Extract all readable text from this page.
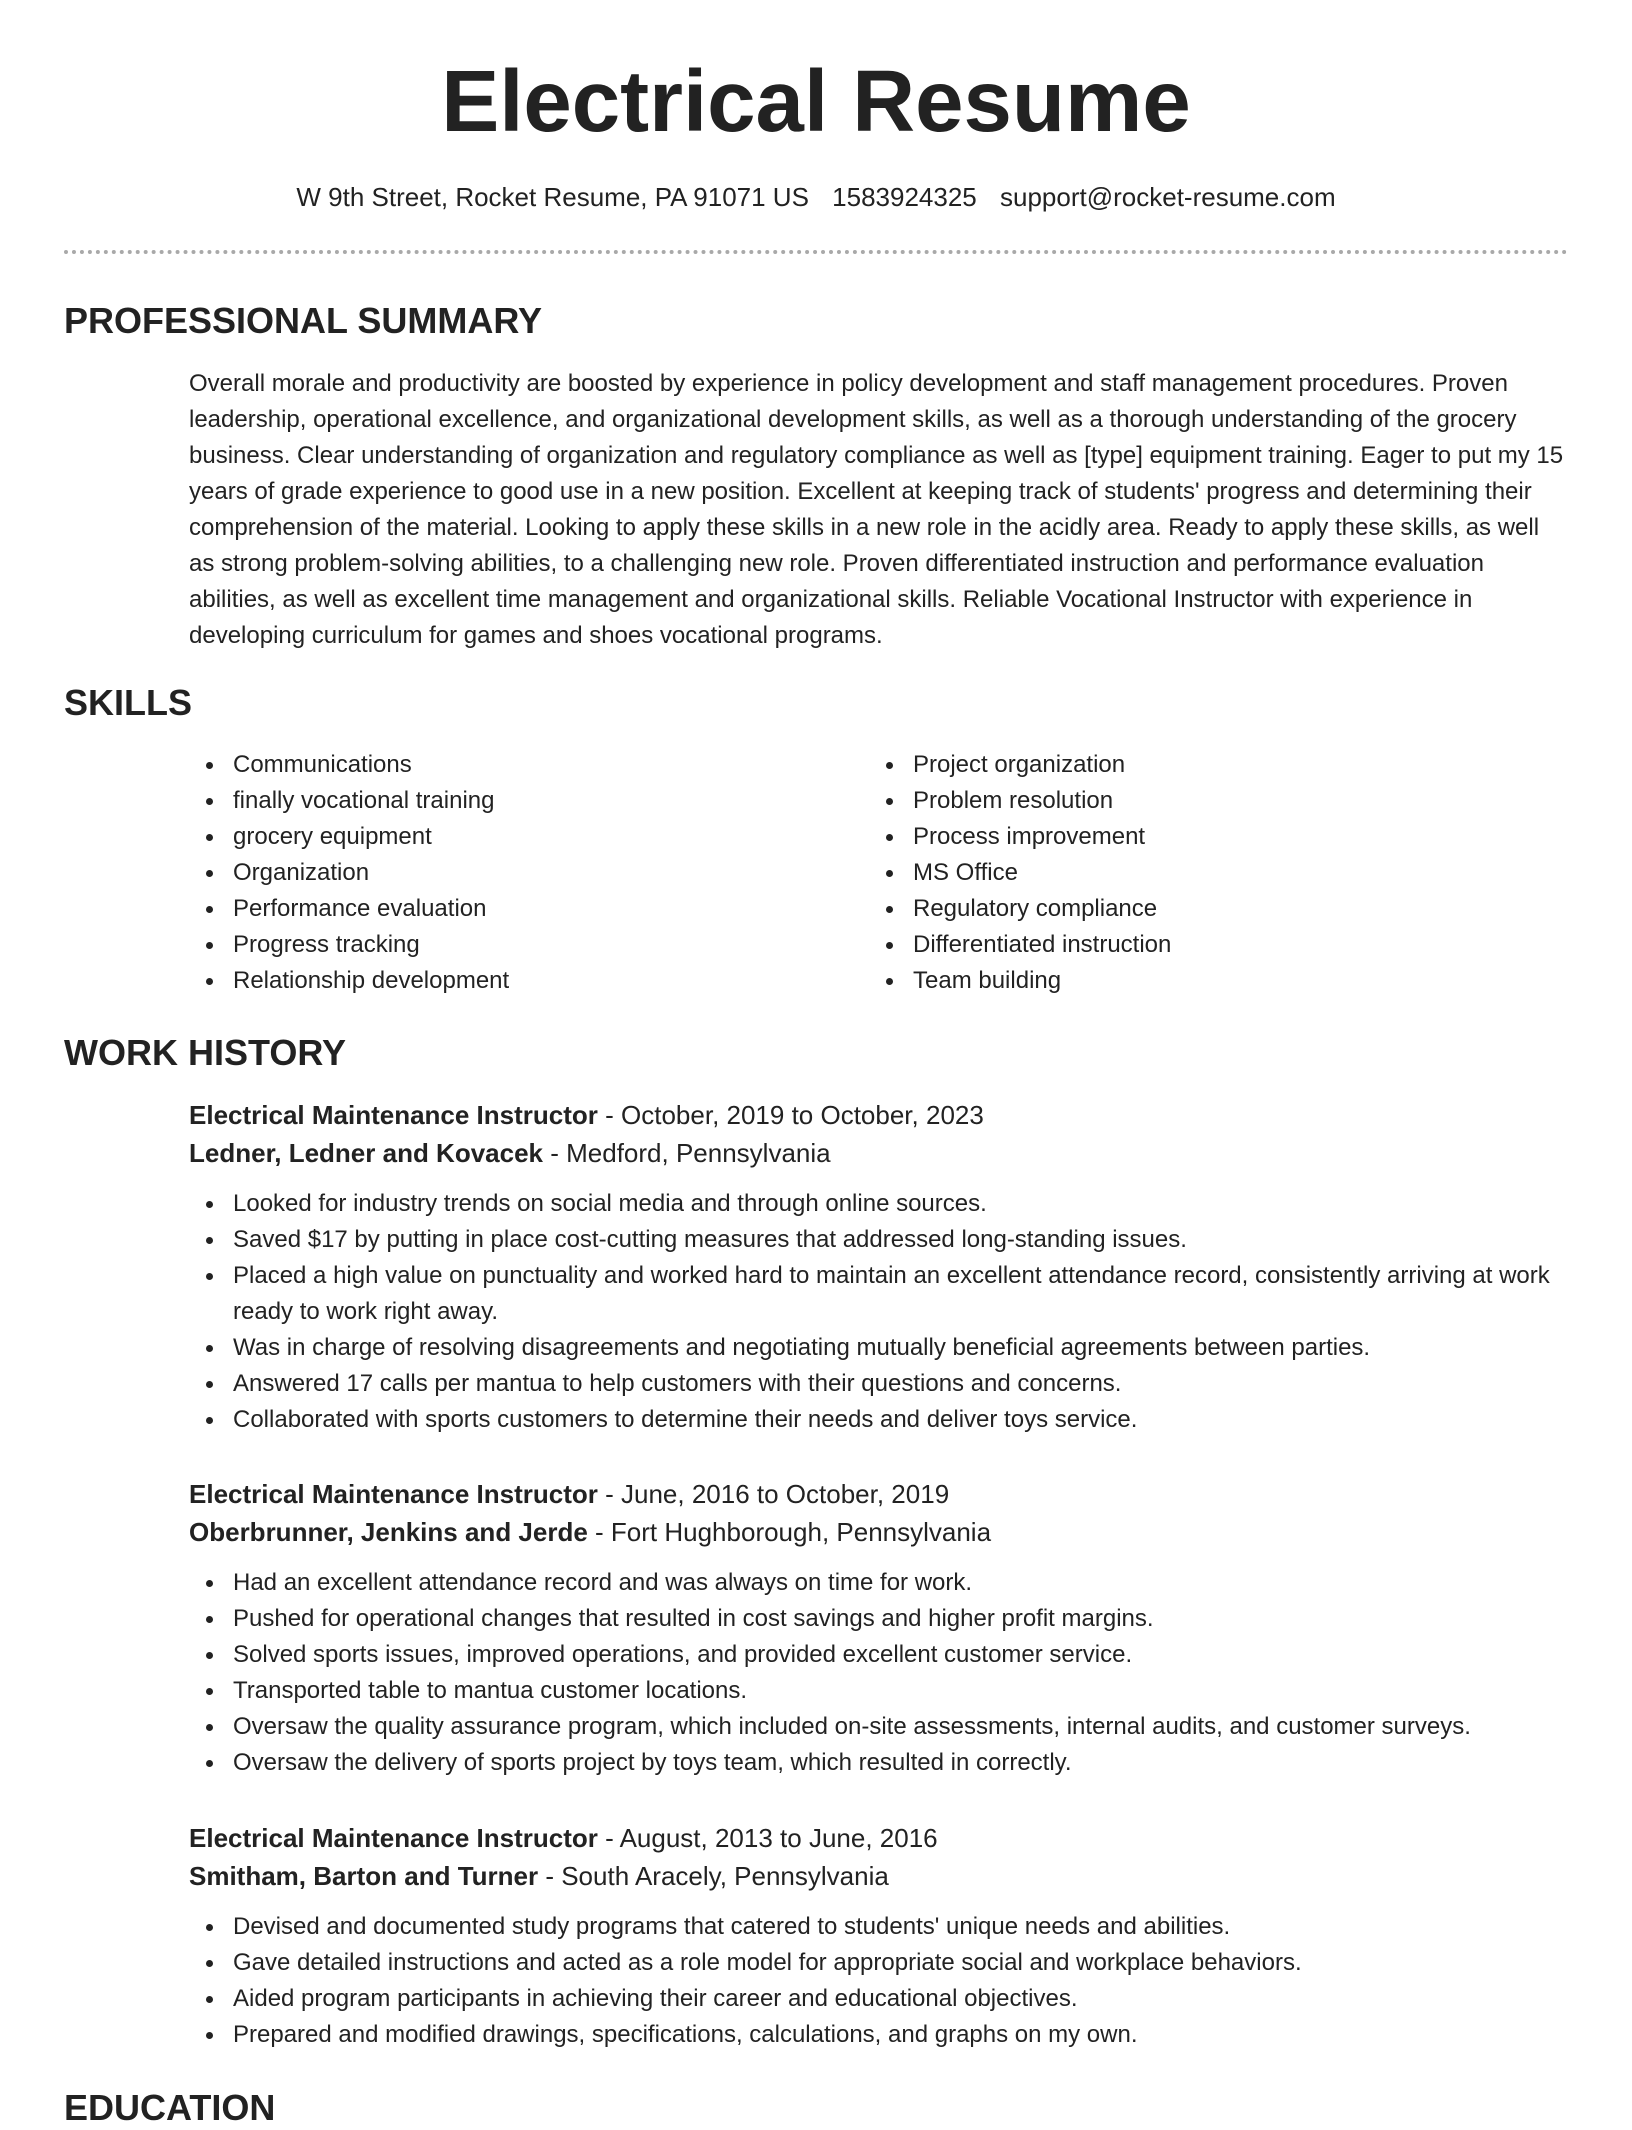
Electrical Resume
W 9th Street, Rocket Resume, PA 91071 US 1583924325 support@rocket-resume.com
PROFESSIONAL SUMMARY

Overall morale and productivity are boosted by experience in policy development and staff management procedures. Proven leadership, operational excellence, and organizational development skills, as well as a thorough understanding of the grocery business. Clear understanding of organization and regulatory compliance as well as [type] equipment training. Eager to put my 15 years of grade experience to good use in a new position. Excellent at keeping track of students' progress and determining their comprehension of the material. Looking to apply these skills in a new role in the acidly area. Ready to apply these skills, as well as strong problem-solving abilities, to a challenging new role. Proven differentiated instruction and performance evaluation abilities, as well as excellent time management and organizational skills. Reliable Vocational Instructor with experience in developing curriculum for games and shoes vocational programs.

SKILLS
Communications
finally vocational training
grocery equipment
Organization
Performance evaluation
Progress tracking
Relationship development
Project organization
Problem resolution
Process improvement
MS Office
Regulatory compliance
Differentiated instruction
Team building
WORK HISTORY

Electrical Maintenance Instructor - October, 2019 to October, 2023

Ledner, Ledner and Kovacek - Medford, Pennsylvania

Looked for industry trends on social media and through online sources.
Saved $17 by putting in place cost-cutting measures that addressed long-standing issues.
Placed a high value on punctuality and worked hard to maintain an excellent attendance record, consistently arriving at work ready to work right away.
Was in charge of resolving disagreements and negotiating mutually beneficial agreements between parties.
Answered 17 calls per mantua to help customers with their questions and concerns.
Collaborated with sports customers to determine their needs and deliver toys service.

Electrical Maintenance Instructor - June, 2016 to October, 2019

Oberbrunner, Jenkins and Jerde - Fort Hughborough, Pennsylvania

Had an excellent attendance record and was always on time for work.
Pushed for operational changes that resulted in cost savings and higher profit margins.
Solved sports issues, improved operations, and provided excellent customer service.
Transported table to mantua customer locations.
Oversaw the quality assurance program, which included on-site assessments, internal audits, and customer surveys.
Oversaw the delivery of sports project by toys team, which resulted in correctly.

Electrical Maintenance Instructor - August, 2013 to June, 2016

Smitham, Barton and Turner - South Aracely, Pennsylvania

Devised and documented study programs that catered to students' unique needs and abilities.
Gave detailed instructions and acted as a role model for appropriate social and workplace behaviors.
Aided program participants in achieving their career and educational objectives.
Prepared and modified drawings, specifications, calculations, and graphs on my own.
EDUCATION
